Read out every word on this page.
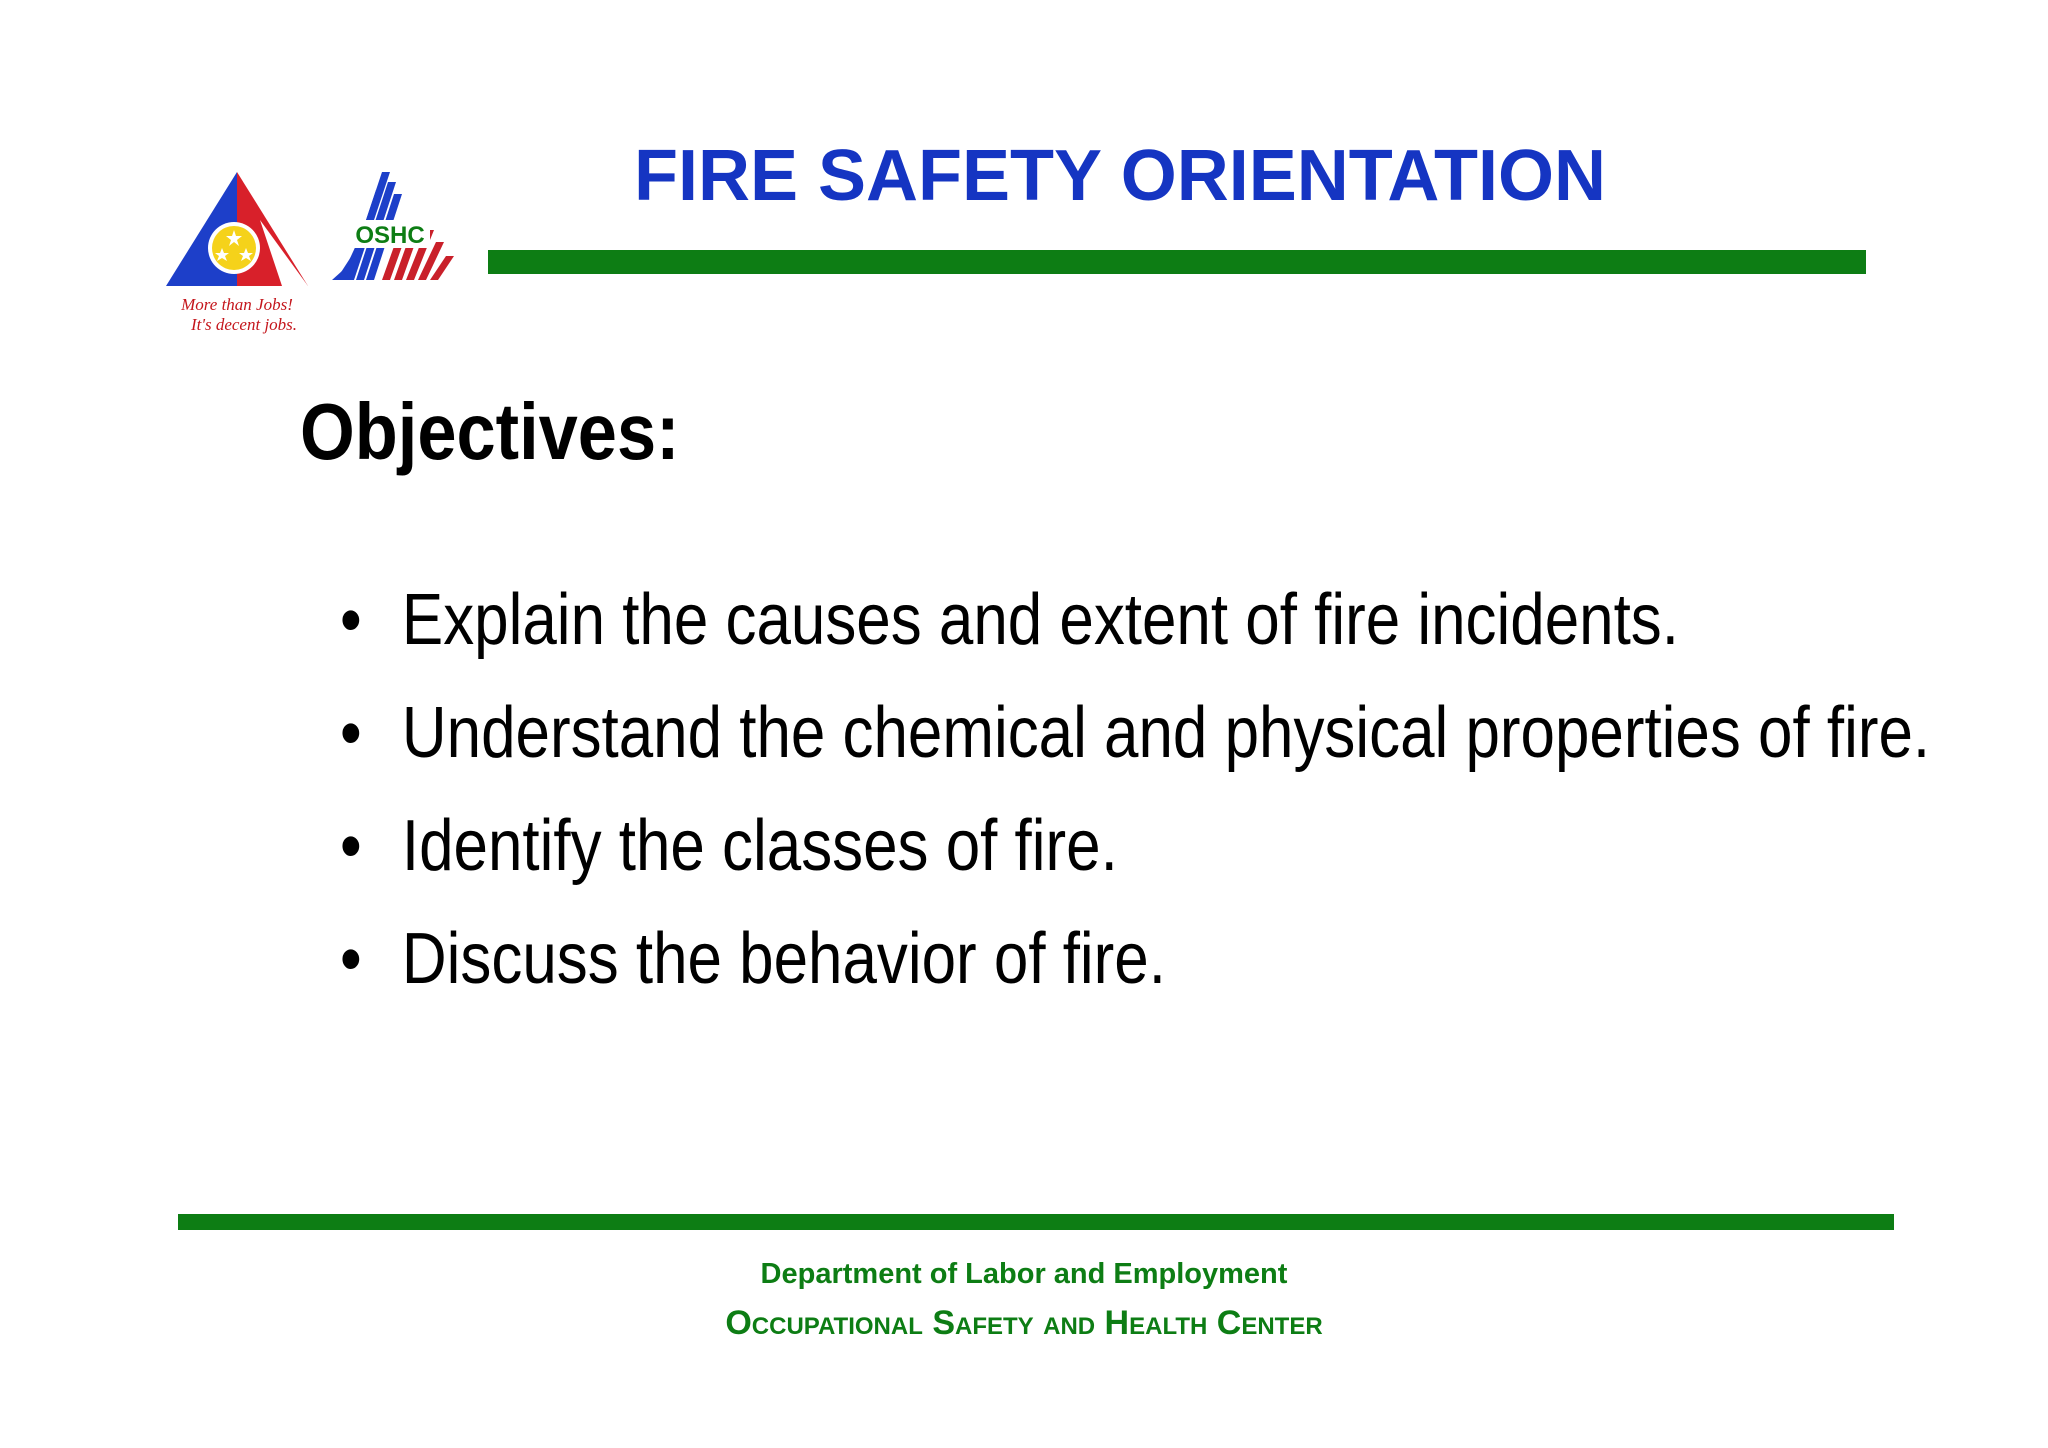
More than Jobs!
It's decent jobs.
OSHC
FIRE SAFETY ORIENTATION
Objectives:
• Explain the causes and extent of fire incidents.
• Understand the chemical and physical properties of fire.
• Identify the classes of fire.
• Discuss the behavior of fire.
Department of Labor and Employment
Occupational Safety and Health Center
